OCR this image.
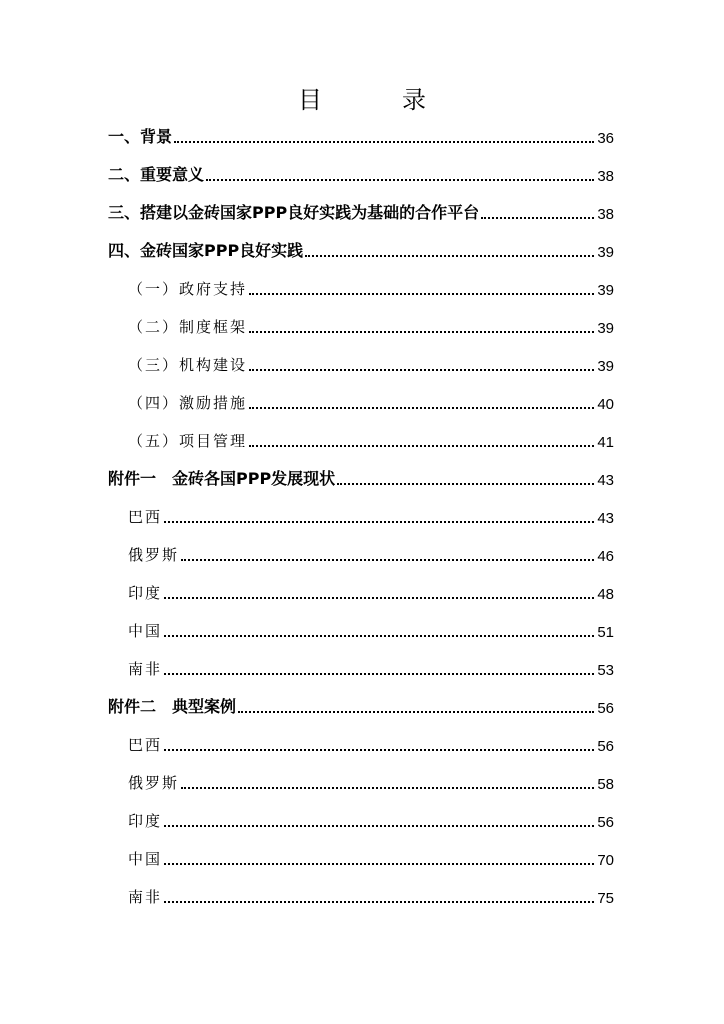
目　录
一、背景	36
二、重要意义	38
三、搭建以金砖国家PPP良好实践为基础的合作平台	38
四、金砖国家PPP良好实践	39
（一）政府支持	39
（二）制度框架	39
（三）机构建设	39
（四）激励措施	40
（五）项目管理	41
附件一　金砖各国PPP发展现状	43
巴西	43
俄罗斯	46
印度	48
中国	51
南非	53
附件二　典型案例	56
巴西	56
俄罗斯	58
印度	56
中国	70
南非	75
